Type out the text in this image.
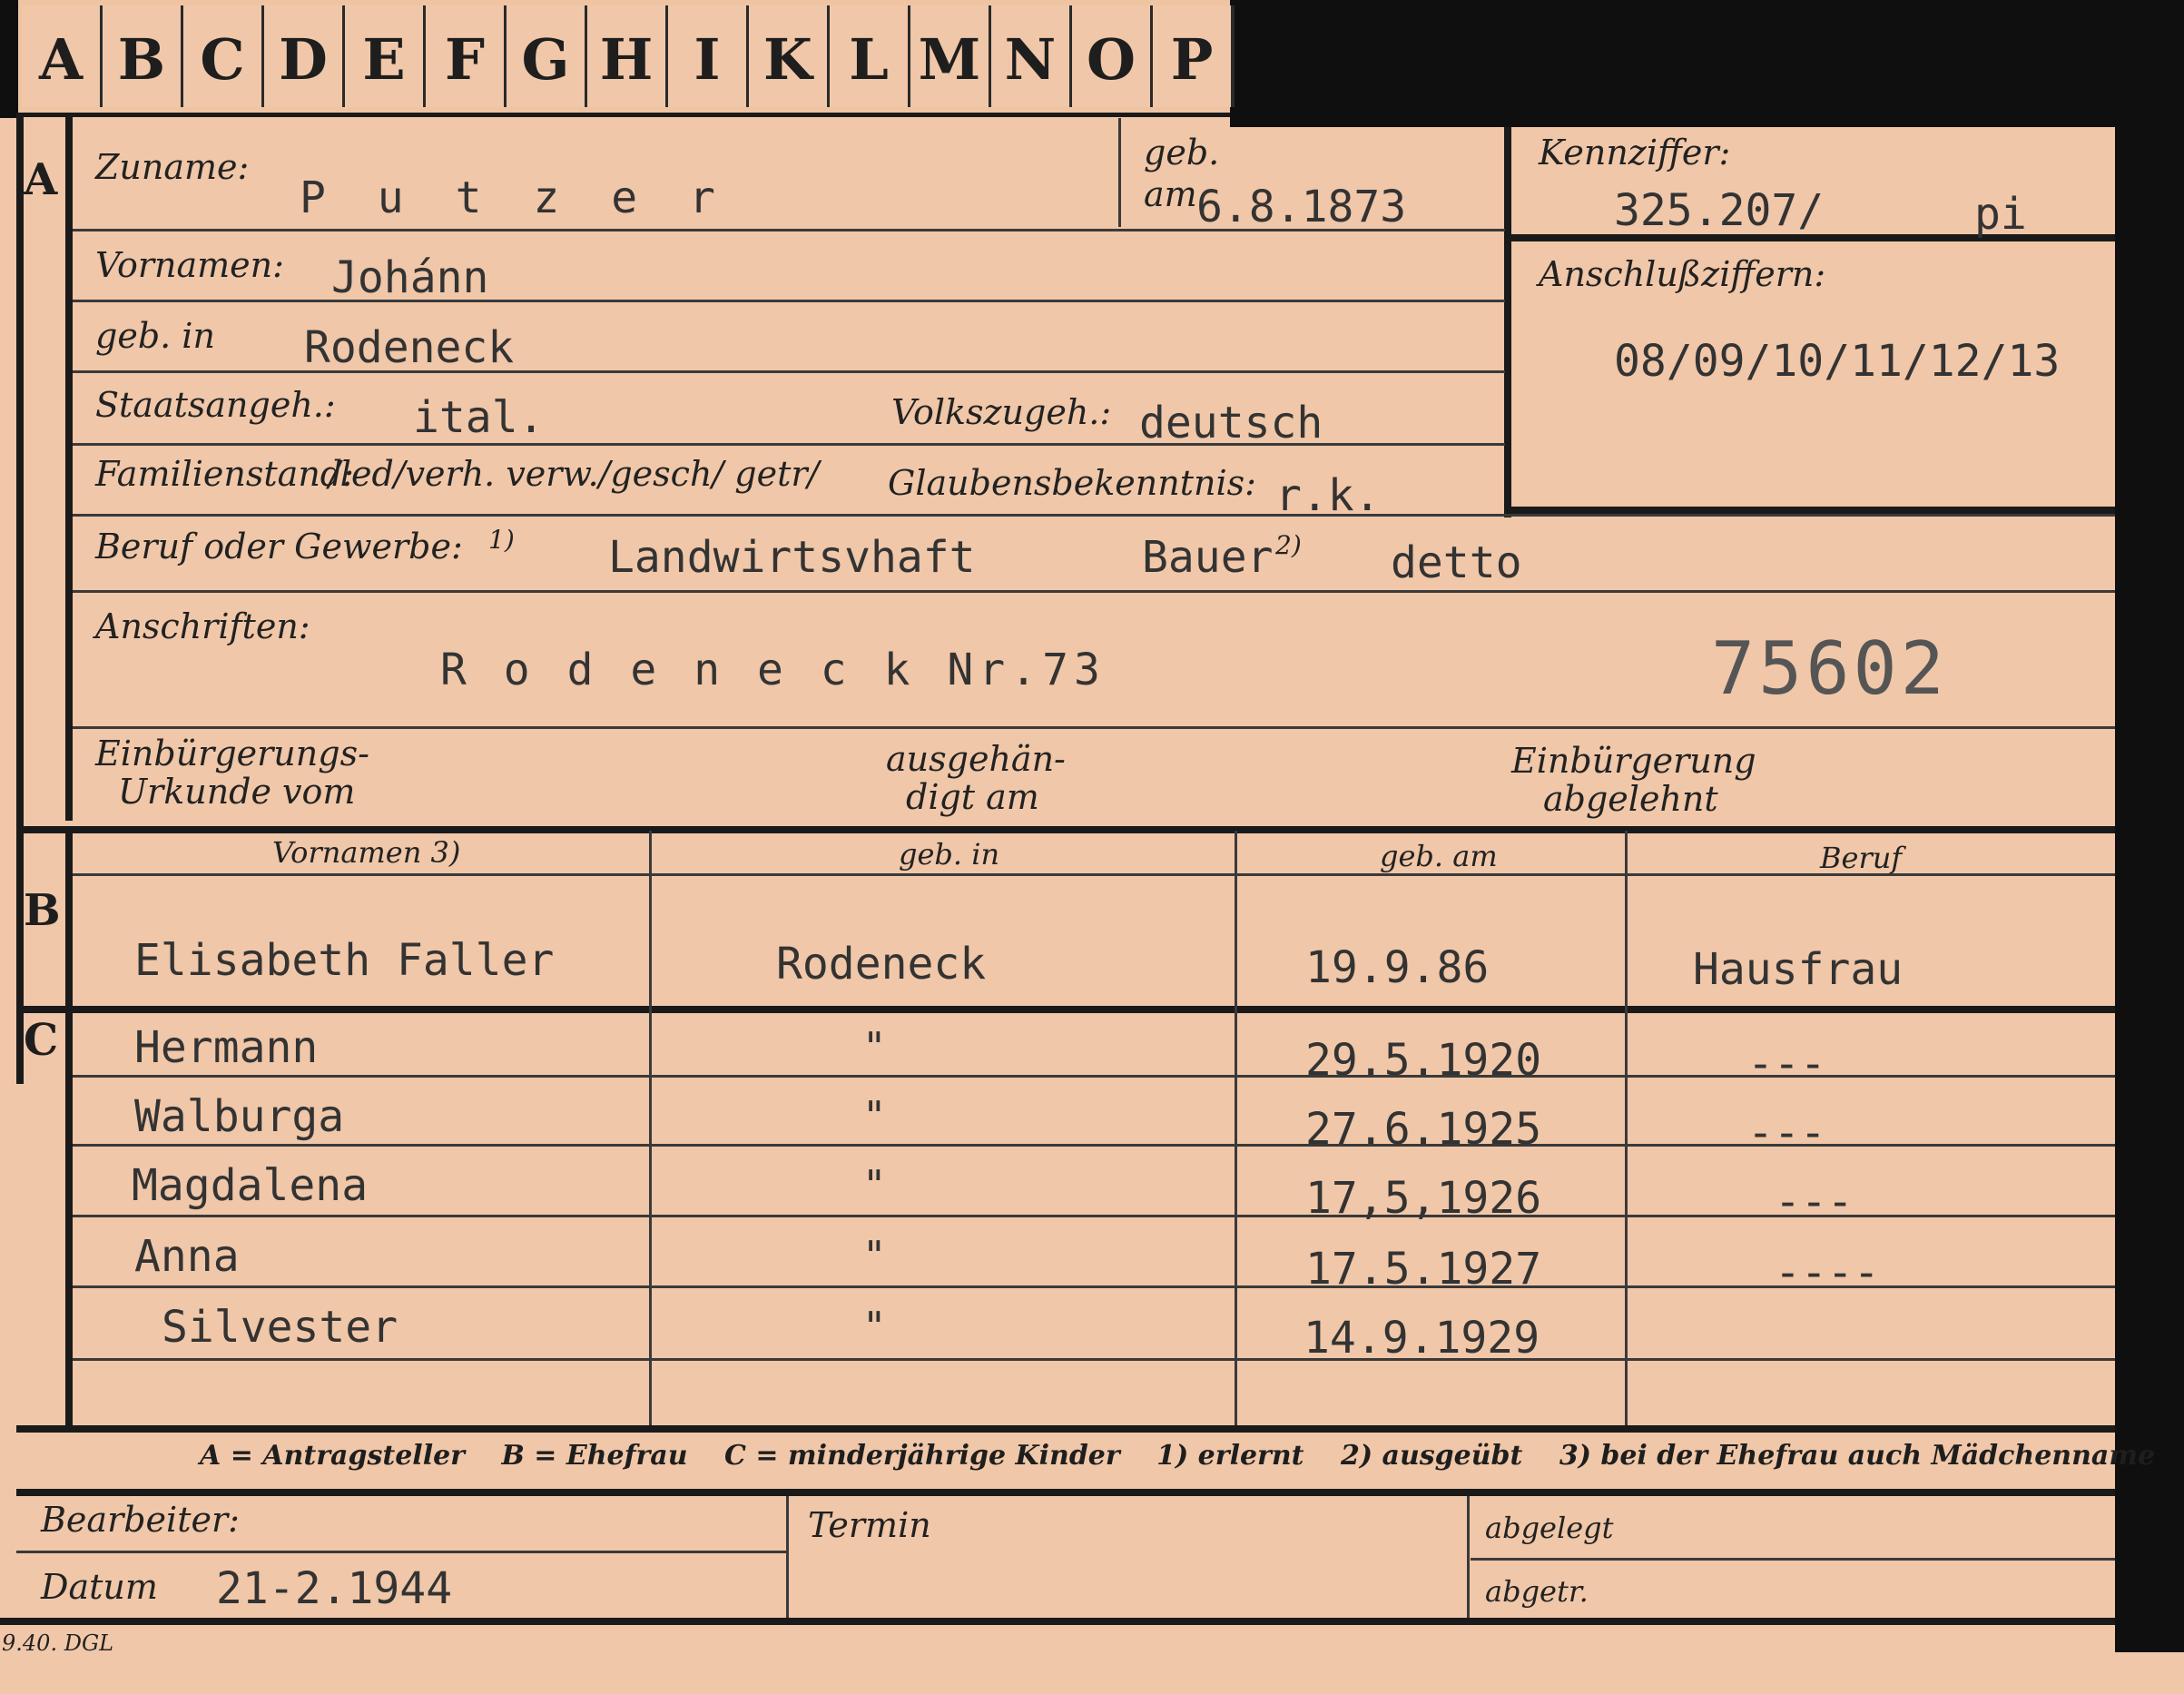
A B C D E F G H I K L M N O P
A Zuname:
P u t z e r
geb.
am 6.8.1873
Kennziffer:
325.207/	pi
Anschlußziffern:
08/09/10/11/12/13
Vornamen: Johánn
geb. in Rodeneck
Staatsangeh.: ital.	Volkszugeh.: deutsch
Familienstand:
/led/verh. verw./gesch/ getr/ Glaubensbekenntnis: r.k.
Beruf oder Gewerbe: 1) Landwirtsvhaft	Bauer 2) detto
Anschriften:
R o d e n e c k Nr.73	75602
Einbürgerungs-
Urkunde vom
ausgehän-
digt am
Einbürgerung
abgelehnt
B
C
Vornamen 3)	geb. in	geb. am	Beruf
Elisabeth Faller	Rodeneck	19.9.86	Hausfrau
Hermann	"	29.5.1920	---
Walburga	"	27.6.1925	---
Magdalena	"	17,5,1926	---
Anna	"	17.5.1927	----
Silvester	"	14.9.1929
A = Antragsteller B = Ehefrau C = minderjährige Kinder 1) erlernt 2) ausgeübt 3) bei der Ehefrau auch Mädchenname
Bearbeiter:
Datum 21-2.1944
Termin	abgelegt
abgetr.
9.40. DGL
